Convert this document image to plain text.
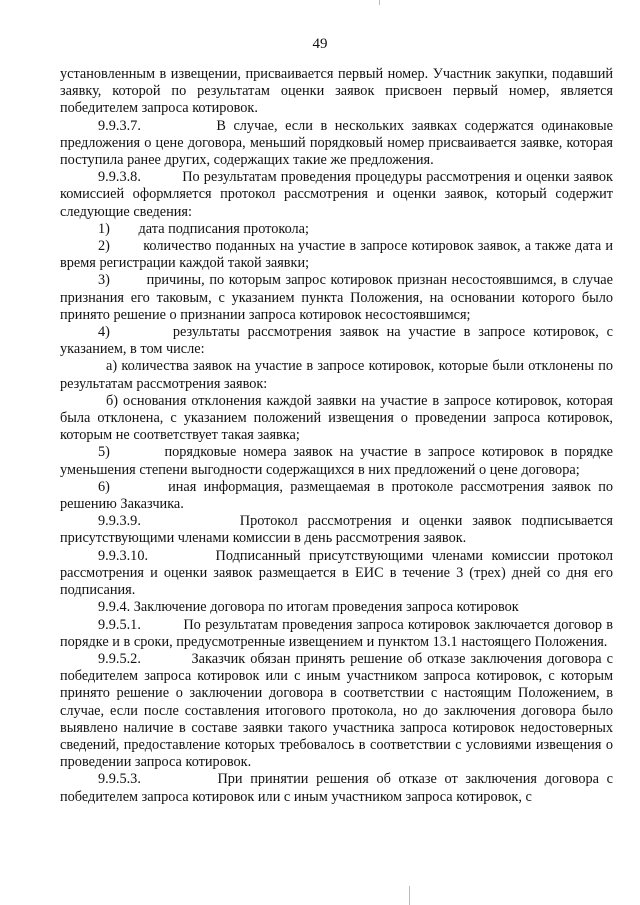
49

установленным в извещении, присваивается первый номер. Участник закупки, подавший заявку, которой по результатам оценки заявок присвоен первый номер, является победителем запроса котировок.

9.9.3.7.	В случае, если в нескольких заявках содержатся одинаковые предложения о цене договора, меньший порядковый номер присваивается заявке, которая поступила ранее других, содержащих такие же предложения.

9.9.3.8.	По результатам проведения процедуры рассмотрения и оценки заявок комиссией оформляется протокол рассмотрения и оценки заявок, который содержит следующие сведения:

1) дата подписания протокола;

2) количество поданных на участие в запросе котировок заявок, а также дата и время регистрации каждой такой заявки;

3)	причины, по которым запрос котировок признан несостоявшимся, в случае признания его таковым, с указанием пункта Положения, на основании которого было принято решение о признании запроса котировок несостоявшимся;

4)	результаты рассмотрения заявок на участие в запросе котировок, с указанием, в том числе:

а) количества заявок на участие в запросе котировок, которые были отклонены по результатам рассмотрения заявок:

б) основания отклонения каждой заявки на участие в запросе котировок, которая была отклонена, с указанием положений извещения о проведении запроса котировок, которым не соответствует такая заявка;

5)	порядковые номера заявок на участие в запросе котировок в порядке уменьшения степени выгодности содержащихся в них предложений о цене договора;

6)	иная информация, размещаемая в протоколе рассмотрения заявок по решению Заказчика.

9.9.3.9.	Протокол рассмотрения и оценки заявок подписывается присутствующими членами комиссии в день рассмотрения заявок.

9.9.3.10.	Подписанный присутствующими членами комиссии протокол рассмотрения и оценки заявок размещается в ЕИС в течение 3 (трех) дней со дня его подписания.

9.9.4. Заключение договора по итогам проведения запроса котировок

9.9.5.1.	По результатам проведения запроса котировок заключается договор в порядке и в сроки, предусмотренные извещением и пунктом 13.1 настоящего Положения.

9.9.5.2.	Заказчик обязан принять решение об отказе заключения договора с победителем запроса котировок или с иным участником запроса котировок, с которым принято решение о заключении договора в соответствии с настоящим Положением, в случае, если после составления итогового протокола, но до заключения договора было выявлено наличие в составе заявки такого участника запроса котировок недостоверных сведений, предоставление которых требовалось в соответствии с условиями извещения о проведении запроса котировок.

9.9.5.3.	При принятии решения об отказе от заключения договора с победителем запроса котировок или с иным участником запроса котировок, с
